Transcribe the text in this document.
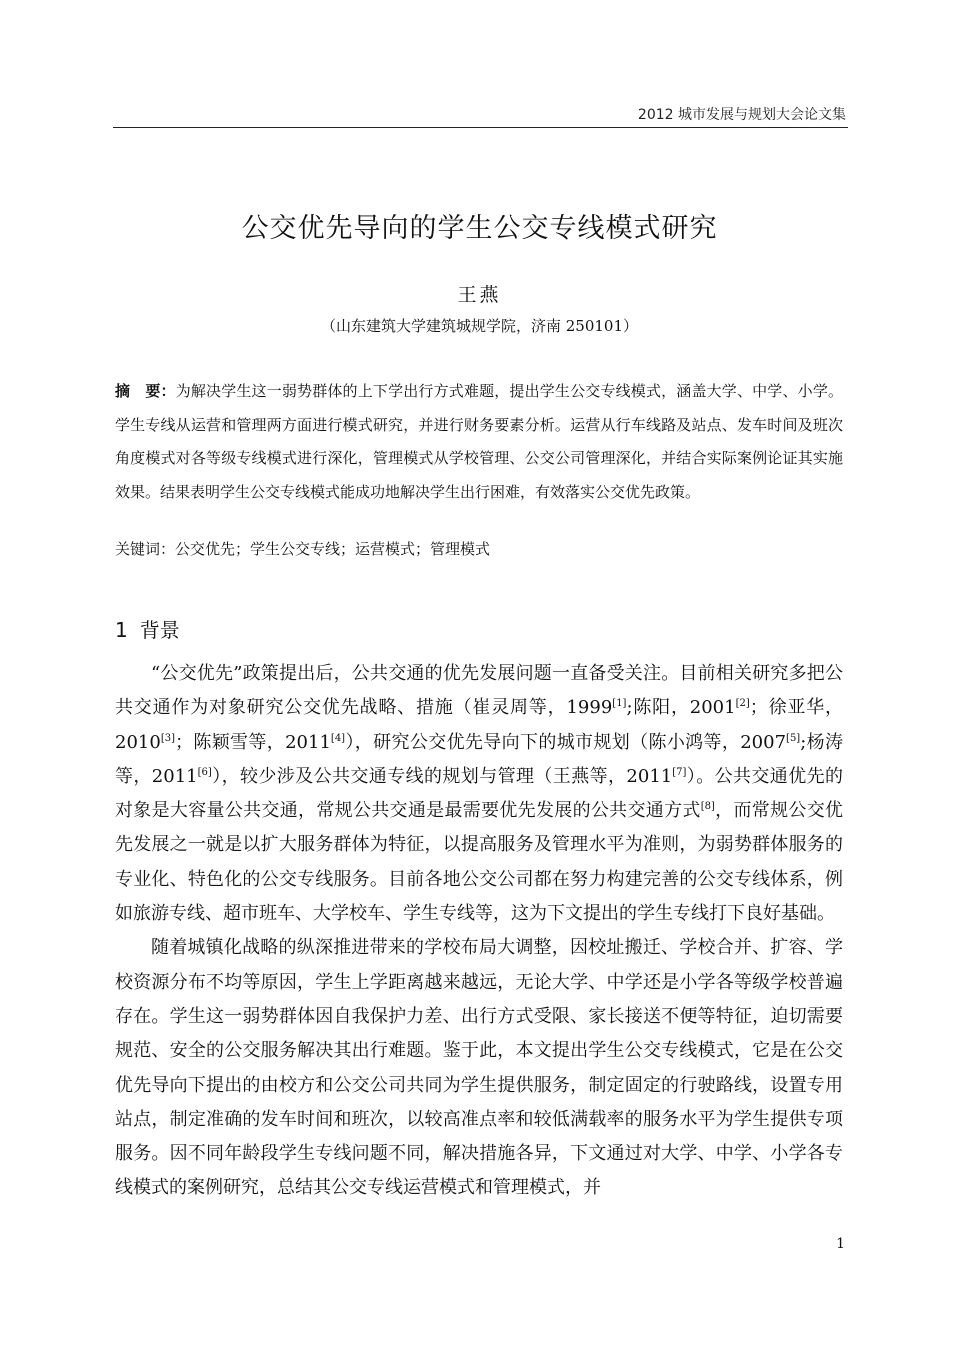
2012 城市发展与规划大会论文集
公交优先导向的学生公交专线模式研究
王燕
（山东建筑大学建筑城规学院，济南 250101）
摘　要：为解决学生这一弱势群体的上下学出行方式难题，提出学生公交专线模式，涵盖大学、中学、小学。学生专线从运营和管理两方面进行模式研究，并进行财务要素分析。运营从行车线路及站点、发车时间及班次角度模式对各等级专线模式进行深化，管理模式从学校管理、公交公司管理深化，并结合实际案例论证其实施效果。结果表明学生公交专线模式能成功地解决学生出行困难，有效落实公交优先政策。
关键词：公交优先；学生公交专线；运营模式；管理模式
1 背景

“公交优先”政策提出后，公共交通的优先发展问题一直备受关注。目前相关研究多把公共交通作为对象研究公交优先战略、措施（崔灵周等，1999[1];陈阳，2001[2]；徐亚华，2010[3]；陈颖雪等，2011[4]），研究公交优先导向下的城市规划（陈小鸿等，2007[5];杨涛等，2011[6]），较少涉及公共交通专线的规划与管理（王燕等，2011[7]）。公共交通优先的对象是大容量公共交通，常规公共交通是最需要优先发展的公共交通方式[8]，而常规公交优先发展之一就是以扩大服务群体为特征，以提高服务及管理水平为准则，为弱势群体服务的专业化、特色化的公交专线服务。目前各地公交公司都在努力构建完善的公交专线体系，例如旅游专线、超市班车、大学校车、学生专线等，这为下文提出的学生专线打下良好基础。

随着城镇化战略的纵深推进带来的学校布局大调整，因校址搬迁、学校合并、扩容、学校资源分布不均等原因，学生上学距离越来越远，无论大学、中学还是小学各等级学校普遍存在。学生这一弱势群体因自我保护力差、出行方式受限、家长接送不便等特征，迫切需要规范、安全的公交服务解决其出行难题。鉴于此，本文提出学生公交专线模式，它是在公交优先导向下提出的由校方和公交公司共同为学生提供服务，制定固定的行驶路线，设置专用站点，制定准确的发车时间和班次，以较高准点率和较低满载率的服务水平为学生提供专项服务。因不同年龄段学生专线问题不同，解决措施各异，下文通过对大学、中学、小学各专线模式的案例研究，总结其公交专线运营模式和管理模式，并

1
